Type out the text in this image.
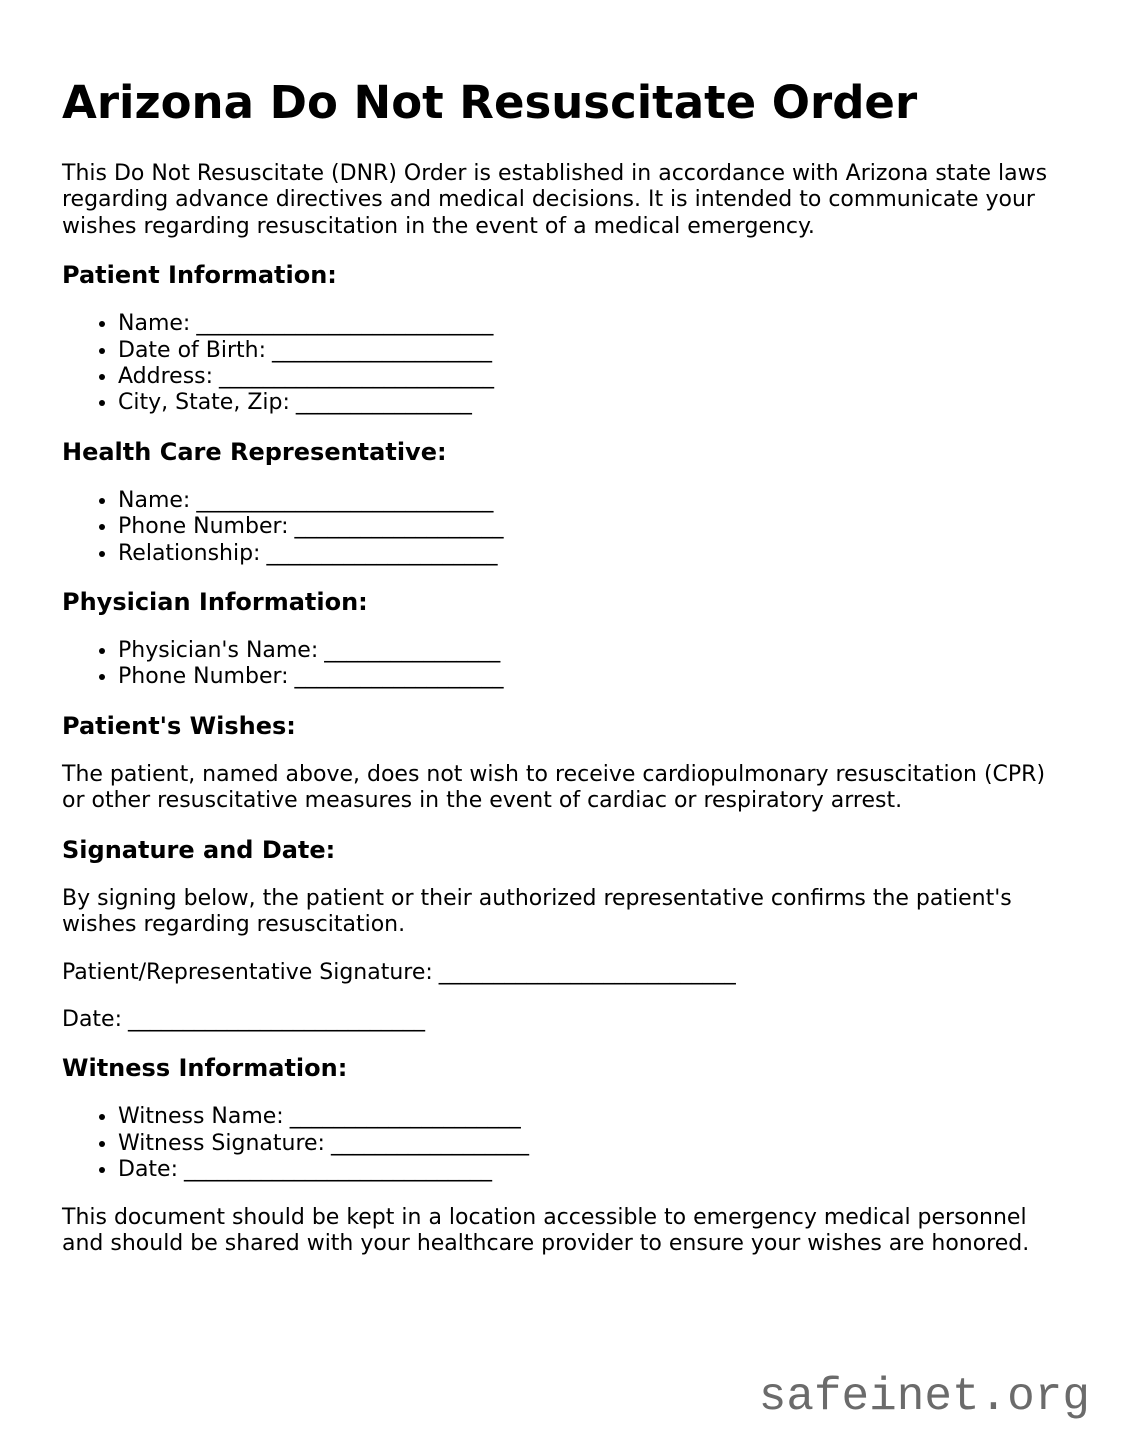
Arizona Do Not Resuscitate Order

This Do Not Resuscitate (DNR) Order is established in accordance with Arizona state laws regarding advance directives and medical decisions. It is intended to communicate your wishes regarding resuscitation in the event of a medical emergency.

Patient Information:
• Name: ___________________________
• Date of Birth: ____________________
• Address: _________________________
• City, State, Zip: ________________
Health Care Representative:
• Name: ___________________________
• Phone Number: ___________________
• Relationship: _____________________
Physician Information:
• Physician's Name: ________________
• Phone Number: ___________________
Patient's Wishes:

The patient, named above, does not wish to receive cardiopulmonary resuscitation (CPR) or other resuscitative measures in the event of cardiac or respiratory arrest.

Signature and Date:

By signing below, the patient or their authorized representative confirms the patient's wishes regarding resuscitation.

Patient/Representative Signature: ___________________________

Date: ___________________________

Witness Information:
• Witness Name: _____________________
• Witness Signature: __________________
• Date: ____________________________

This document should be kept in a location accessible to emergency medical personnel and should be shared with your healthcare provider to ensure your wishes are honored.

safeinet.org
